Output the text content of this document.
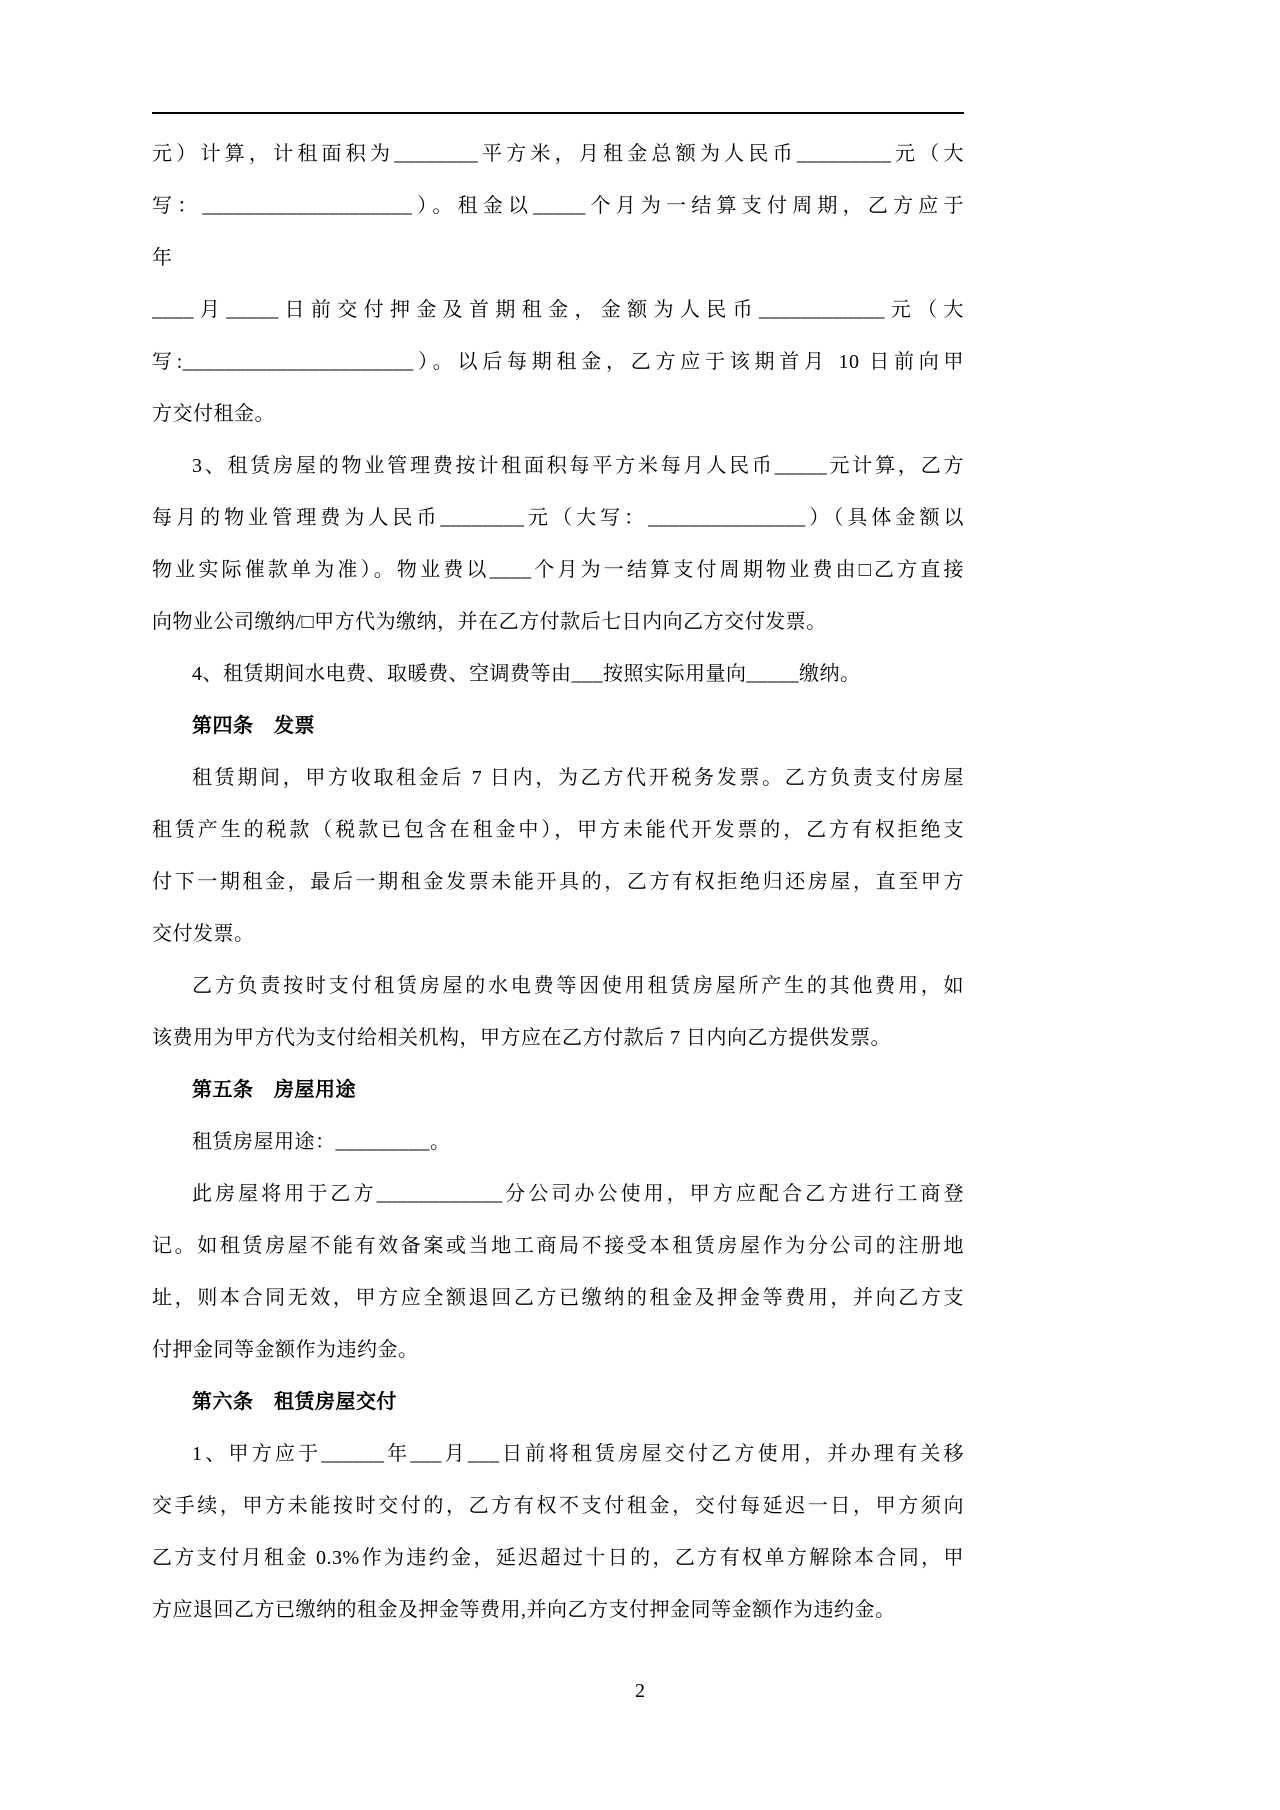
元）计算，计租面积为________平方米，月租金总额为人民币_________元（大
写：____________________）。租金以_____个月为一结算支付周期，乙方应于
年
____月_____日前交付押金及首期租金，金额为人民币____________元（大
写:______________________）。以后每期租金，乙方应于该期首月 10 日前向甲
方交付租金。
3、租赁房屋的物业管理费按计租面积每平方米每月人民币_____元计算，乙方
每月的物业管理费为人民币________元（大写：_______________）（具体金额以
物业实际催款单为准）。物业费以____个月为一结算支付周期物业费由□乙方直接
向物业公司缴纳/□甲方代为缴纳，并在乙方付款后七日内向乙方交付发票。
4、租赁期间水电费、取暖费、空调费等由___按照实际用量向_____缴纳。
第四条　发票
租赁期间，甲方收取租金后 7 日内，为乙方代开税务发票。乙方负责支付房屋
租赁产生的税款（税款已包含在租金中），甲方未能代开发票的，乙方有权拒绝支
付下一期租金，最后一期租金发票未能开具的，乙方有权拒绝归还房屋，直至甲方
交付发票。
乙方负责按时支付租赁房屋的水电费等因使用租赁房屋所产生的其他费用，如
该费用为甲方代为支付给相关机构，甲方应在乙方付款后 7 日内向乙方提供发票。
第五条　房屋用途
租赁房屋用途：_________。
此房屋将用于乙方____________分公司办公使用，甲方应配合乙方进行工商登
记。如租赁房屋不能有效备案或当地工商局不接受本租赁房屋作为分公司的注册地
址，则本合同无效，甲方应全额退回乙方已缴纳的租金及押金等费用，并向乙方支
付押金同等金额作为违约金。
第六条　租赁房屋交付
1、甲方应于______年___月___日前将租赁房屋交付乙方使用，并办理有关移
交手续，甲方未能按时交付的，乙方有权不支付租金，交付每延迟一日，甲方须向
乙方支付月租金 0.3%作为违约金，延迟超过十日的，乙方有权单方解除本合同，甲
方应退回乙方已缴纳的租金及押金等费用,并向乙方支付押金同等金额作为违约金。
2
